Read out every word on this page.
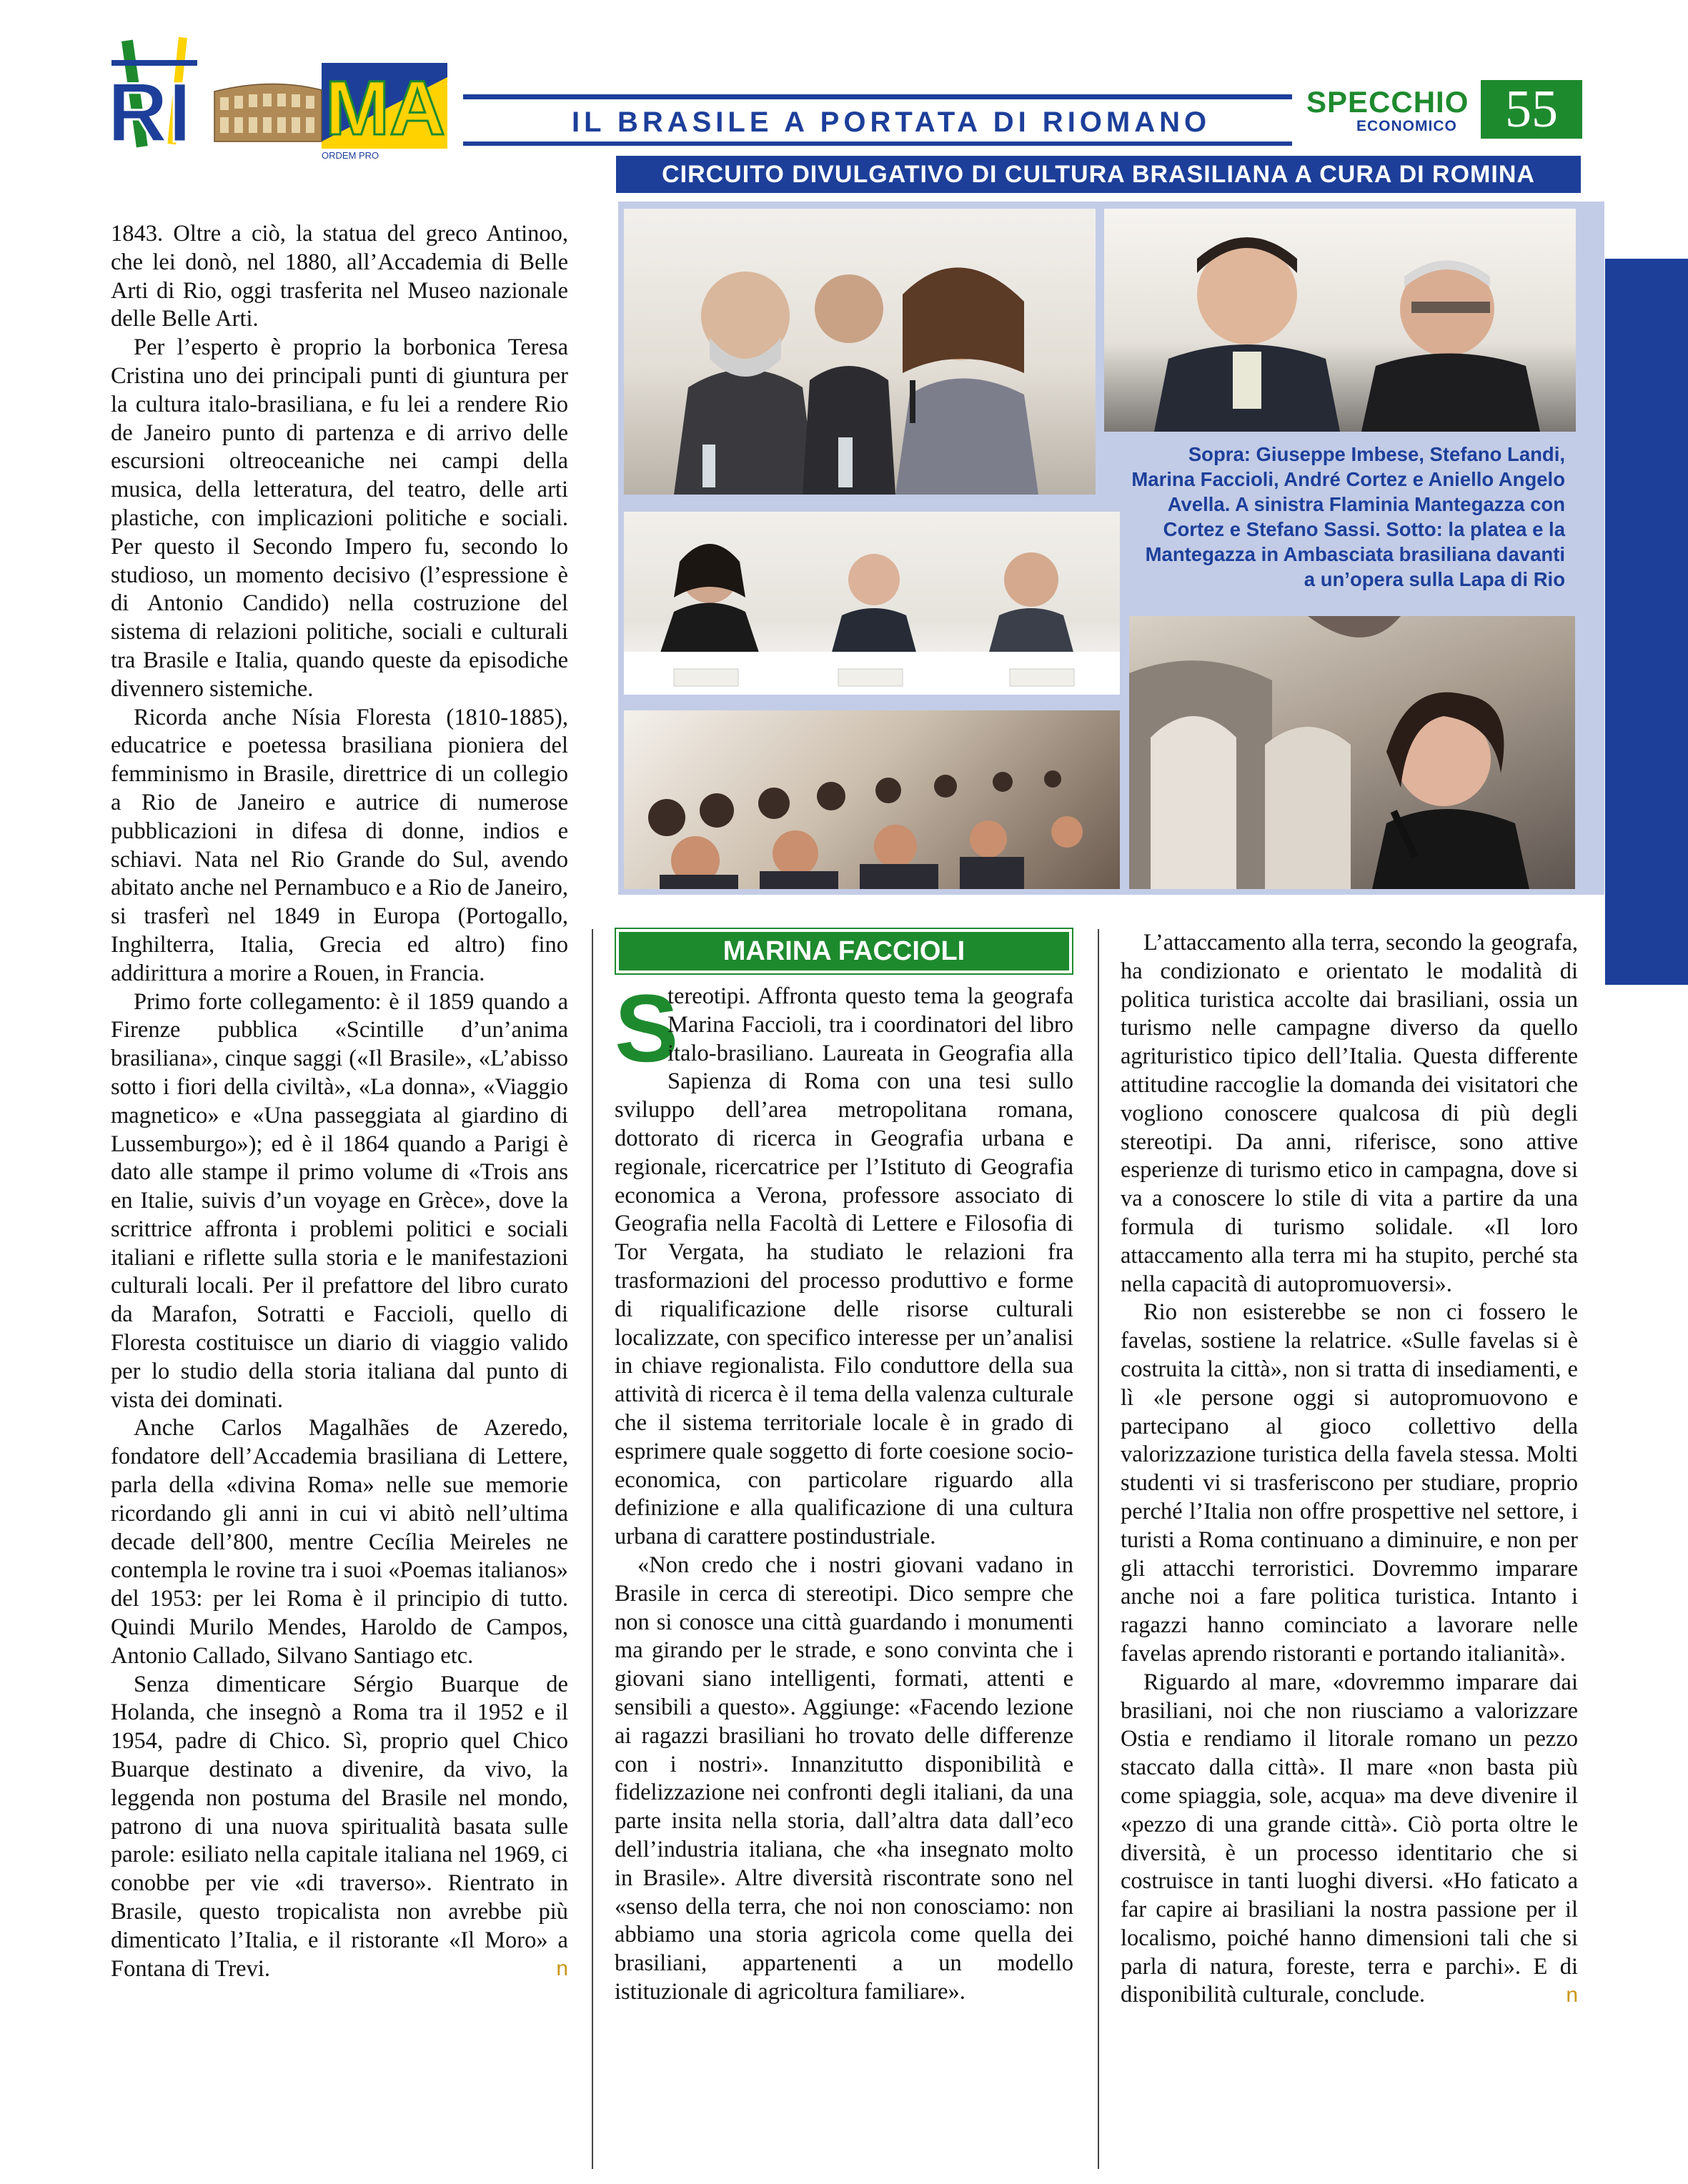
RI MA
ORDEM PRO
IL BRASILE A PORTATA DI RIOMANO
SPECCHIO
ECONOMICO 55
CIRCUITO DIVULGATIVO DI CULTURA BRASILIANA A CURA DI ROMINA
Sopra: Giuseppe Imbese, Stefano Landi, Marina Faccioli, André Cortez e Aniello Angelo Avella. A sinistra Flaminia Mantegazza con Cortez e Stefano Sassi. Sotto: la platea e la Mantegazza in Ambasciata brasiliana davanti a un’opera sulla Lapa di Rio

1843. Oltre a ciò, la statua del greco Antinoo, che lei donò, nel 1880, all’Accademia di Belle Arti di Rio, oggi trasferita nel Museo nazionale delle Belle Arti.

Per l’esperto è proprio la borbonica Teresa Cristina uno dei principali punti di giuntura per la cultura italo-brasiliana, e fu lei a rendere Rio de Janeiro punto di partenza e di arrivo delle escursioni oltreoceaniche nei campi della musica, della letteratura, del teatro, delle arti plastiche, con implicazioni politiche e sociali. Per questo il Secondo Impero fu, secondo lo studioso, un momento decisivo (l’espressione è di Antonio Candido) nella costruzione del sistema di relazioni politiche, sociali e culturali tra Brasile e Italia, quando queste da episodiche divennero sistemiche.

Ricorda anche Nísia Floresta (1810-1885), educatrice e poetessa brasiliana pioniera del femminismo in Brasile, direttrice di un collegio a Rio de Janeiro e autrice di numerose pubblicazioni in difesa di donne, indios e schiavi. Nata nel Rio Grande do Sul, avendo abitato anche nel Pernambuco e a Rio de Janeiro, si trasferì nel 1849 in Europa (Portogallo, Inghilterra, Italia, Grecia ed altro) fino addirittura a morire a Rouen, in Francia.

Primo forte collegamento: è il 1859 quando a Firenze pubblica «Scintille d’un’anima brasiliana», cinque saggi («Il Brasile», «L’abisso sotto i fiori della civiltà», «La donna», «Viaggio magnetico» e «Una passeggiata al giardino di Lussemburgo»); ed è il 1864 quando a Parigi è dato alle stampe il primo volume di «Trois ans en Italie, suivis d’un voyage en Grèce», dove la scrittrice affronta i problemi politici e sociali italiani e riflette sulla storia e le manifestazioni culturali locali. Per il prefattore del libro curato da Marafon, Sotratti e Faccioli, quello di Floresta costituisce un diario di viaggio valido per lo studio della storia italiana dal punto di vista dei dominati.

Anche Carlos Magalhães de Azeredo, fondatore dell’Accademia brasiliana di Lettere, parla della «divina Roma» nelle sue memorie ricordando gli anni in cui vi abitò nell’ultima decade dell’800, mentre Cecília Meireles ne contempla le rovine tra i suoi «Poemas italianos» del 1953: per lei Roma è il principio di tutto. Quindi Murilo Mendes, Haroldo de Campos, Antonio Callado, Silvano Santiago etc.

Senza dimenticare Sérgio Buarque de Holanda, che insegnò a Roma tra il 1952 e il 1954, padre di Chico. Sì, proprio quel Chico Buarque destinato a divenire, da vivo, la leggenda non postuma del Brasile nel mondo, patrono di una nuova spiritualità basata sulle parole: esiliato nella capitale italiana nel 1969, ci conobbe per vie «di traverso». Rientrato in Brasile, questo tropicalista non avrebbe più dimenticato l’Italia, e il ristorante «Il Moro» a Fontana di Trevi.	n

MARINA FACCIOLI

S
tereotipi. Affronta questo tema la geografa Marina Faccioli, tra i coordinatori del libro italo-brasiliano. Laureata in Geografia alla Sapienza di Roma con una tesi sullo sviluppo dell’area metropolitana romana, dottorato di ricerca in Geografia urbana e regionale, ricercatrice per l’Istituto di Geografia economica a Verona, professore associato di Geografia nella Facoltà di Lettere e Filosofia di Tor Vergata, ha studiato le relazioni fra trasformazioni del processo produttivo e forme di riqualificazione delle risorse culturali localizzate, con specifico interesse per un’analisi in chiave regionalista. Filo conduttore della sua attività di ricerca è il tema della valenza culturale che il sistema territoriale locale è in grado di esprimere quale soggetto di forte coesione socio-economica, con particolare riguardo alla definizione e alla qualificazione di una cultura urbana di carattere postindustriale.

«Non credo che i nostri giovani vadano in Brasile in cerca di stereotipi. Dico sempre che non si conosce una città guardando i monumenti ma girando per le strade, e sono convinta che i giovani siano intelligenti, formati, attenti e sensibili a questo». Aggiunge: «Facendo lezione ai ragazzi brasiliani ho trovato delle differenze con i nostri». Innanzitutto disponibilità e fidelizzazione nei confronti degli italiani, da una parte insita nella storia, dall’altra data dall’eco dell’industria italiana, che «ha insegnato molto in Brasile». Altre diversità riscontrate sono nel «senso della terra, che noi non conosciamo: non abbiamo una storia agricola come quella dei brasiliani, appartenenti a un modello istituzionale di agricoltura familiare».

L’attaccamento alla terra, secondo la geografa, ha condizionato e orientato le modalità di politica turistica accolte dai brasiliani, ossia un turismo nelle campagne diverso da quello agrituristico tipico dell’Italia. Questa differente attitudine raccoglie la domanda dei visitatori che vogliono conoscere qualcosa di più degli stereotipi. Da anni, riferisce, sono attive esperienze di turismo etico in campagna, dove si va a conoscere lo stile di vita a partire da una formula di turismo solidale. «Il loro attaccamento alla terra mi ha stupito, perché sta nella capacità di autopromuoversi».

Rio non esisterebbe se non ci fossero le favelas, sostiene la relatrice. «Sulle favelas si è costruita la città», non si tratta di insediamenti, e lì «le persone oggi si autopromuovono e partecipano al gioco collettivo della valorizzazione turistica della favela stessa. Molti studenti vi si trasferiscono per studiare, proprio perché l’Italia non offre prospettive nel settore, i turisti a Roma continuano a diminuire, e non per gli attacchi terroristici. Dovremmo imparare anche noi a fare politica turistica. Intanto i ragazzi hanno cominciato a lavorare nelle favelas aprendo ristoranti e portando italianità».

Riguardo al mare, «dovremmo imparare dai brasiliani, noi che non riusciamo a valorizzare Ostia e rendiamo il litorale romano un pezzo staccato dalla città». Il mare «non basta più come spiaggia, sole, acqua» ma deve divenire il «pezzo di una grande città». Ciò porta oltre le diversità, è un processo identitario che si costruisce in tanti luoghi diversi. «Ho faticato a far capire ai brasiliani la nostra passione per il localismo, poiché hanno dimensioni tali che si parla di natura, foreste, terra e parchi». E di disponibilità culturale, conclude.	n
